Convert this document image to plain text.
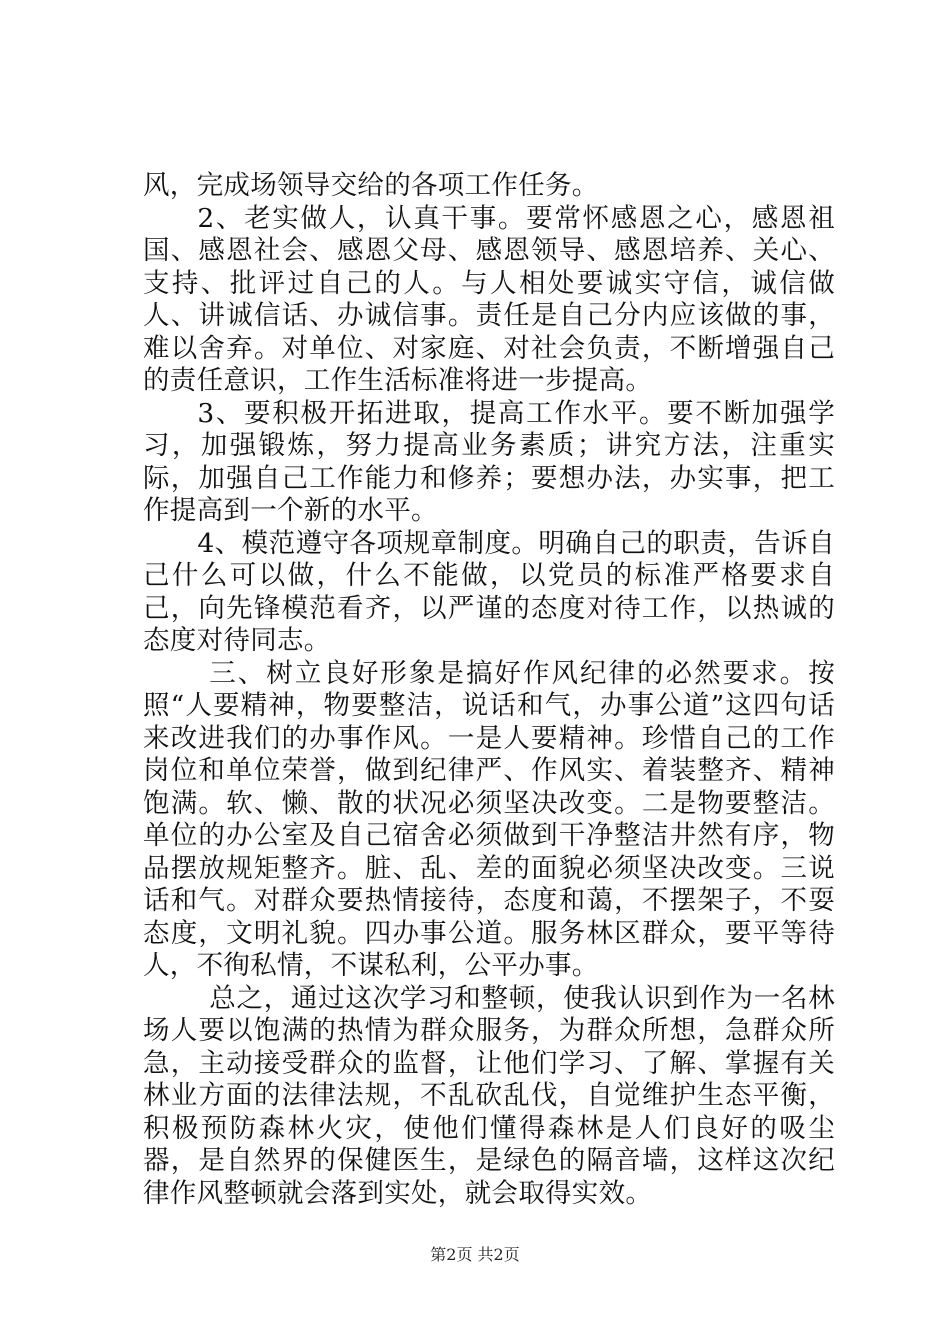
风，完成场领导交给的各项工作任务。

2、老实做人，认真干事。要常怀感恩之心，感恩祖国、感恩社会、感恩父母、感恩领导、感恩培养、关心、支持、批评过自己的人。与人相处要诚实守信，诚信做人、讲诚信话、办诚信事。责任是自己分内应该做的事，难以舍弃。对单位、对家庭、对社会负责，不断增强自己的责任意识，工作生活标准将进一步提高。

3、要积极开拓进取，提高工作水平。要不断加强学习，加强锻炼，努力提高业务素质；讲究方法，注重实际，加强自己工作能力和修养；要想办法，办实事，把工作提高到一个新的水平。

4、模范遵守各项规章制度。明确自己的职责，告诉自己什么可以做，什么不能做，以党员的标准严格要求自己，向先锋模范看齐，以严谨的态度对待工作，以热诚的态度对待同志。

三、树立良好形象是搞好作风纪律的必然要求。按照“人要精神，物要整洁，说话和气，办事公道”这四句话来改进我们的办事作风。一是人要精神。珍惜自己的工作岗位和单位荣誉，做到纪律严、作风实、着装整齐、精神饱满。软、懒、散的状况必须坚决改变。二是物要整洁。单位的办公室及自己宿舍必须做到干净整洁井然有序，物品摆放规矩整齐。脏、乱、差的面貌必须坚决改变。三说话和气。对群众要热情接待，态度和蔼，不摆架子，不耍态度，文明礼貌。四办事公道。服务林区群众，要平等待人，不徇私情，不谋私利，公平办事。

总之，通过这次学习和整顿，使我认识到作为一名林场人要以饱满的热情为群众服务，为群众所想，急群众所急，主动接受群众的监督，让他们学习、了解、掌握有关林业方面的法律法规，不乱砍乱伐，自觉维护生态平衡，积极预防森林火灾，使他们懂得森林是人们良好的吸尘器，是自然界的保健医生，是绿色的隔音墙，这样这次纪律作风整顿就会落到实处，就会取得实效。

第2页 共2页
